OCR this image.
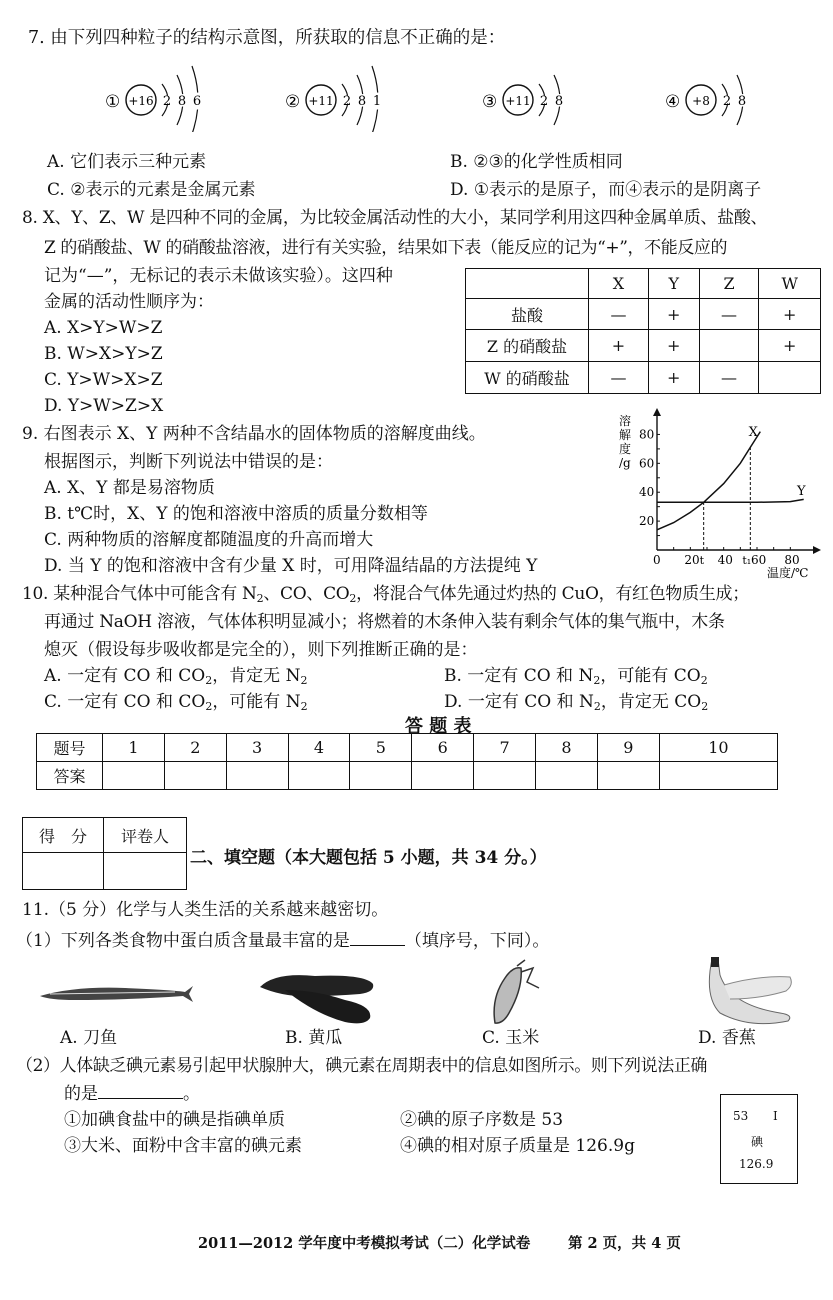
7. 由下列四种粒子的结构示意图，所获取的信息不正确的是：
① +16 2 8 6	② +11 2 8 1	③ +11 2 8	④ +8 2 8
A. 它们表示三种元素	B. ②③的化学性质相同
C. ②表示的元素是金属元素	D. ①表示的是原子，而④表示的是阴离子
8. X、Y、Z、W 是四种不同的金属，为比较金属活动性的大小，某同学利用这四种金属单质、盐酸、
Z 的硝酸盐、W 的硝酸盐溶液，进行有关实验，结果如下表（能反应的记为“+”，不能反应的
记为“—”，无标记的表示未做该实验）。这四种
金属的活动性顺序为：
A. X>Y>W>Z
B. W>X>Y>Z
C. Y>W>X>Z
D. Y>W>Z>X
	X	Y	Z	W
盐酸	—	+	—	+
Z 的硝酸盐	+	+		+
W 的硝酸盐	—	+	—	
9. 右图表示 X、Y 两种不含结晶水的固体物质的溶解度曲线。
根据图示，判断下列说法中错误的是：
A. X、Y 都是易溶物质
B. t℃时，X、Y 的饱和溶液中溶质的质量分数相等
C. 两种物质的溶解度都随温度的升高而增大
D. 当 Y 的饱和溶液中含有少量 X 时，可用降温结晶的方法提纯 Y	0 20 40 60 80
20
40
60
80
t	t₁
X
Y
溶
解
度
/g
温度/℃
10. 某种混合气体中可能含有 $N_2$、CO、$CO_2$，将混合气体先通过灼热的 CuO，有红色物质生成；
再通过 NaOH 溶液，气体体积明显减小；将燃着的木条伸入装有剩余气体的集气瓶中，木条
熄灭（假设每步吸收都是完全的），则下列推断正确的是：
A. 一定有 CO 和 $CO_2$，肯定无 $N_2$	B. 一定有 CO 和 $N_2$，可能有 $CO_2$
C. 一定有 CO 和 $CO_2$，可能有 $N_2$	D. 一定有 CO 和 $N_2$，肯定无 $CO_2$
答 题 表
题号	1	2	3	4	5	6	7	8	9	10
答案										
得　分	评卷人

二、填空题（本大题包括 5 小题，共 34 分。）
11.（5 分）化学与人类生活的关系越来越密切。
（1）下列各类食物中蛋白质含量最丰富的是	（填序号，下同）。
A. 刀鱼	B. 黄瓜	C. 玉米	D. 香蕉
（2）人体缺乏碘元素易引起甲状腺肿大，碘元素在周期表中的信息如图所示。则下列说法正确
的是	。
①加碘食盐中的碘是指碘单质	②碘的原子序数是 53
③大米、面粉中含丰富的碘元素	④碘的相对原子质量是 126.9g
53 I
碘
126.9
2011—2012 学年度中考模拟考试（二）化学试卷	第 2 页，共 4 页
